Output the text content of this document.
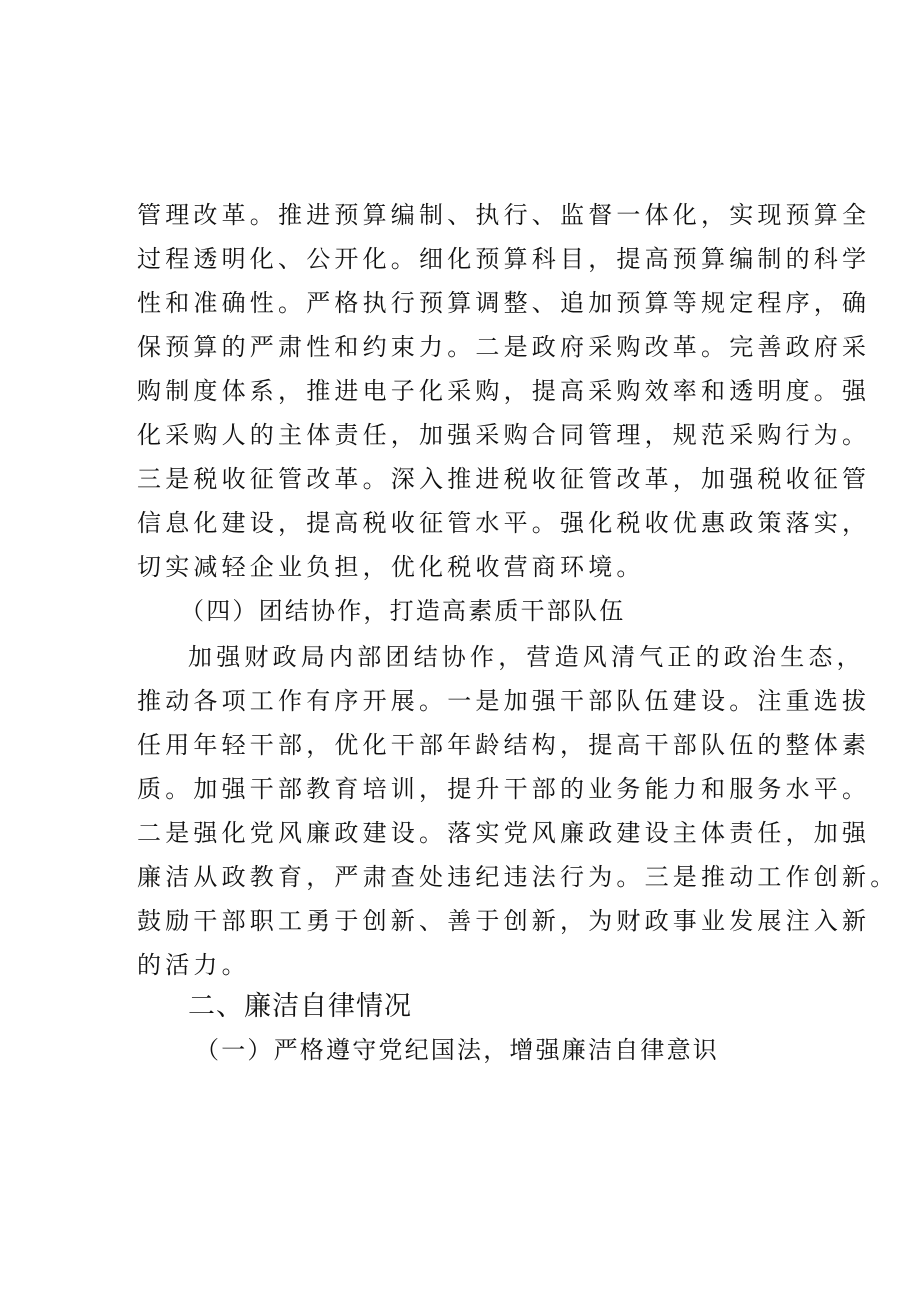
管理改革。推进预算编制、执行、监督一体化，实现预算全
过程透明化、公开化。细化预算科目，提高预算编制的科学
性和准确性。严格执行预算调整、追加预算等规定程序，确
保预算的严肃性和约束力。二是政府采购改革。完善政府采
购制度体系，推进电子化采购，提高采购效率和透明度。强
化采购人的主体责任，加强采购合同管理，规范采购行为。
三是税收征管改革。深入推进税收征管改革，加强税收征管
信息化建设，提高税收征管水平。强化税收优惠政策落实，
切实减轻企业负担，优化税收营商环境。
（四）团结协作，打造高素质干部队伍
加强财政局内部团结协作，营造风清气正的政治生态，
推动各项工作有序开展。一是加强干部队伍建设。注重选拔
任用年轻干部，优化干部年龄结构，提高干部队伍的整体素
质。加强干部教育培训，提升干部的业务能力和服务水平。
二是强化党风廉政建设。落实党风廉政建设主体责任，加强
廉洁从政教育，严肃查处违纪违法行为。三是推动工作创新。
鼓励干部职工勇于创新、善于创新，为财政事业发展注入新
的活力。
二、廉洁自律情况
（一）严格遵守党纪国法，增强廉洁自律意识
